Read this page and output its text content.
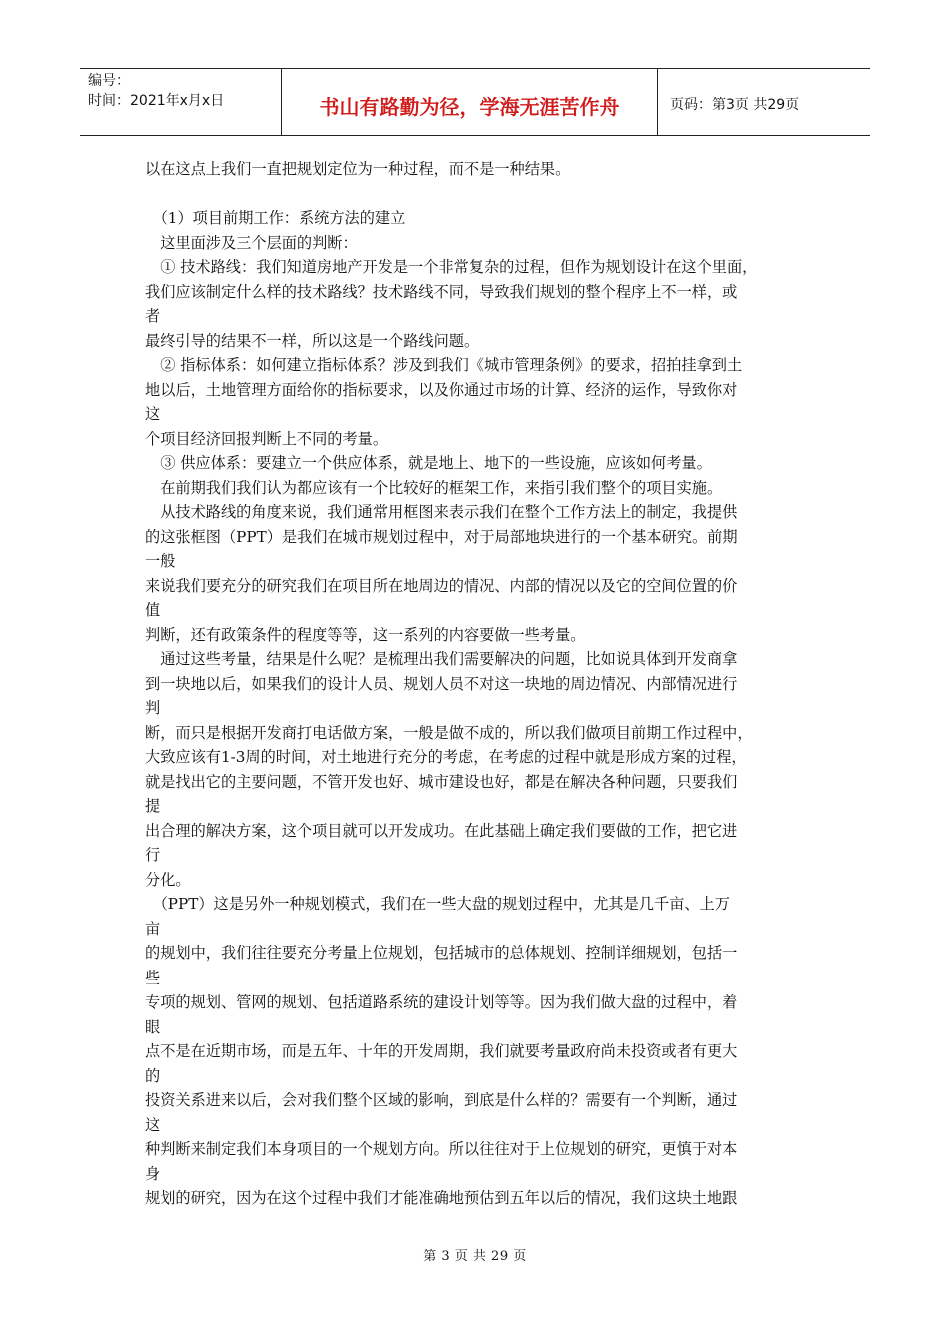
编号：
时间：2021年x月x日	书山有路勤为径，学海无涯苦作舟	页码：第3页 共29页
以在这点上我们一直把规划定位为一种过程，而不是一种结果。
　（1）项目前期工作：系统方法的建立
　这里面涉及三个层面的判断：
　① 技术路线：我们知道房地产开发是一个非常复杂的过程，但作为规划设计在这个里面，
我们应该制定什么样的技术路线？技术路线不同，导致我们规划的整个程序上不一样，或
者
最终引导的结果不一样，所以这是一个路线问题。
　② 指标体系：如何建立指标体系？涉及到我们《城市管理条例》的要求，招拍挂拿到土
地以后，土地管理方面给你的指标要求，以及你通过市场的计算、经济的运作，导致你对
这
个项目经济回报判断上不同的考量。
　③ 供应体系：要建立一个供应体系，就是地上、地下的一些设施，应该如何考量。
　在前期我们我们认为都应该有一个比较好的框架工作，来指引我们整个的项目实施。
　从技术路线的角度来说，我们通常用框图来表示我们在整个工作方法上的制定，我提供
的这张框图（PPT）是我们在城市规划过程中，对于局部地块进行的一个基本研究。前期
一般
来说我们要充分的研究我们在项目所在地周边的情况、内部的情况以及它的空间位置的价
值
判断，还有政策条件的程度等等，这一系列的内容要做一些考量。
　通过这些考量，结果是什么呢？是梳理出我们需要解决的问题，比如说具体到开发商拿
到一块地以后，如果我们的设计人员、规划人员不对这一块地的周边情况、内部情况进行
判
断，而只是根据开发商打电话做方案，一般是做不成的，所以我们做项目前期工作过程中，
大致应该有1-3周的时间，对土地进行充分的考虑，在考虑的过程中就是形成方案的过程，
就是找出它的主要问题，不管开发也好、城市建设也好，都是在解决各种问题，只要我们
提
出合理的解决方案，这个项目就可以开发成功。在此基础上确定我们要做的工作，把它进
行
分化。
　（PPT）这是另外一种规划模式，我们在一些大盘的规划过程中，尤其是几千亩、上万
亩
的规划中，我们往往要充分考量上位规划，包括城市的总体规划、控制详细规划，包括一
些
专项的规划、管网的规划、包括道路系统的建设计划等等。因为我们做大盘的过程中，着
眼
点不是在近期市场，而是五年、十年的开发周期，我们就要考量政府尚未投资或者有更大
的
投资关系进来以后，会对我们整个区域的影响，到底是什么样的？需要有一个判断，通过
这
种判断来制定我们本身项目的一个规划方向。所以往往对于上位规划的研究，更慎于对本
身
规划的研究，因为在这个过程中我们才能准确地预估到五年以后的情况，我们这块土地跟
第 3 页 共 29 页
